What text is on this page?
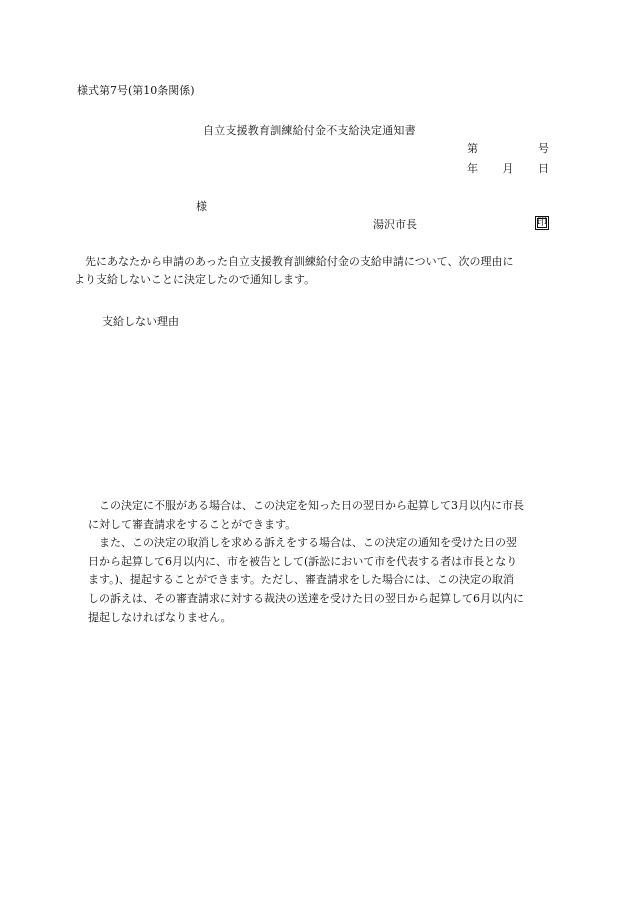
様式第7号(第10条関係)
自立支援教育訓練給付金不支給決定通知書
第	号
年 月 日
様
湯沢市長	印
　先にあなたから申請のあった自立支援教育訓練給付金の支給申請について、次の理由に
より支給しないことに決定したので通知します。
支給しない理由
　この決定に不服がある場合は、この決定を知った日の翌日から起算して3月以内に市長
に対して審査請求をすることができます。
　また、この決定の取消しを求める訴えをする場合は、この決定の通知を受けた日の翌
日から起算して6月以内に、市を被告として(訴訟において市を代表する者は市長となり
ます。)、提起することができます。ただし、審査請求をした場合には、この決定の取消
しの訴えは、その審査請求に対する裁決の送達を受けた日の翌日から起算して6月以内に
提起しなければなりません。
